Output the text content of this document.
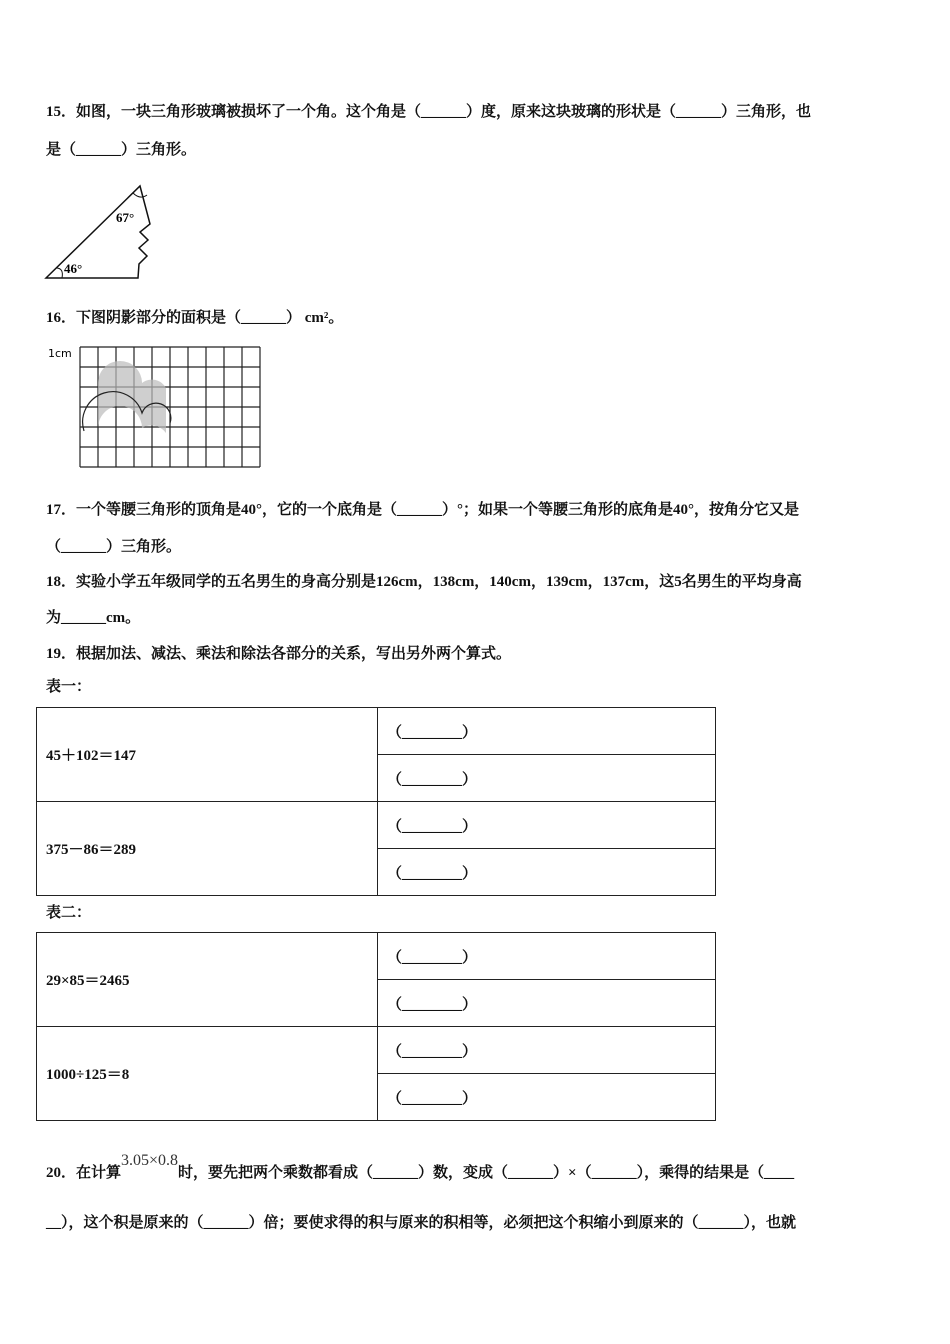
15．如图，一块三角形玻璃被损坏了一个角。这个角是（______）度，原来这块玻璃的形状是（______）三角形，也
是（______）三角形。
67°
46°
16．下图阴影部分的面积是（______） cm²。
1cm
17．一个等腰三角形的顶角是40°，它的一个底角是（______）°；如果一个等腰三角形的底角是40°，按角分它又是
（______）三角形。
18．实验小学五年级同学的五名男生的身高分别是126cm，138cm，140cm，139cm，137cm，这5名男生的平均身高
为______cm。
19．根据加法、减法、乘法和除法各部分的关系，写出另外两个算式。
表一：
45＋102＝147	（________）
	（________）
375－86＝289	（________）
	（________）
表二：
29×85＝2465	（________）
	（________）
1000÷125＝8	（________）
	（________）
20．在计算3.05×0.8时，要先把两个乘数都看成（______）数，变成（______）×（______），乘得的结果是（____
__），这个积是原来的（______）倍；要使求得的积与原来的积相等，必须把这个积缩小到原来的（______），也就
